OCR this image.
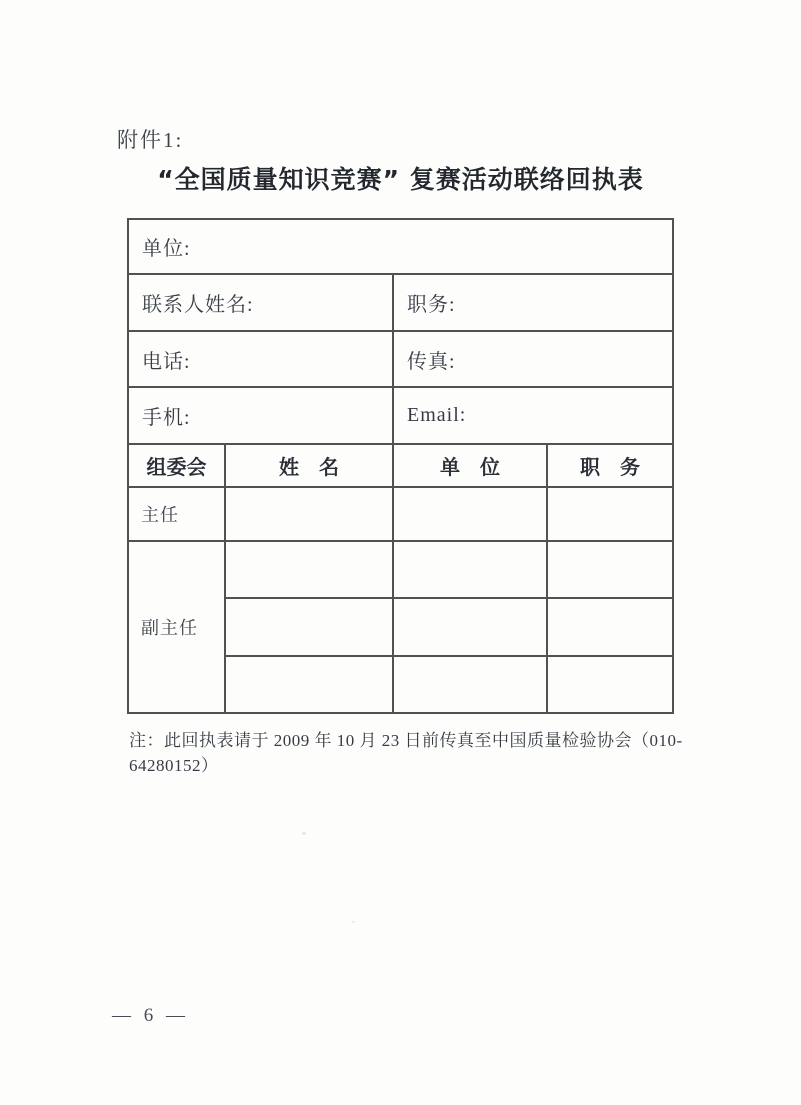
附件1:
“全国质量知识竞赛” 复赛活动联络回执表
单位:			
联系人姓名:		职务:	
电话:		传真:	
手机:		Email:	
组委会	姓　名	单　位	职　务
主任			
副主任			

注：此回执表请于 2009 年 10 月 23 日前传真至中国质量检验协会（010-64280152）
— 6 —
